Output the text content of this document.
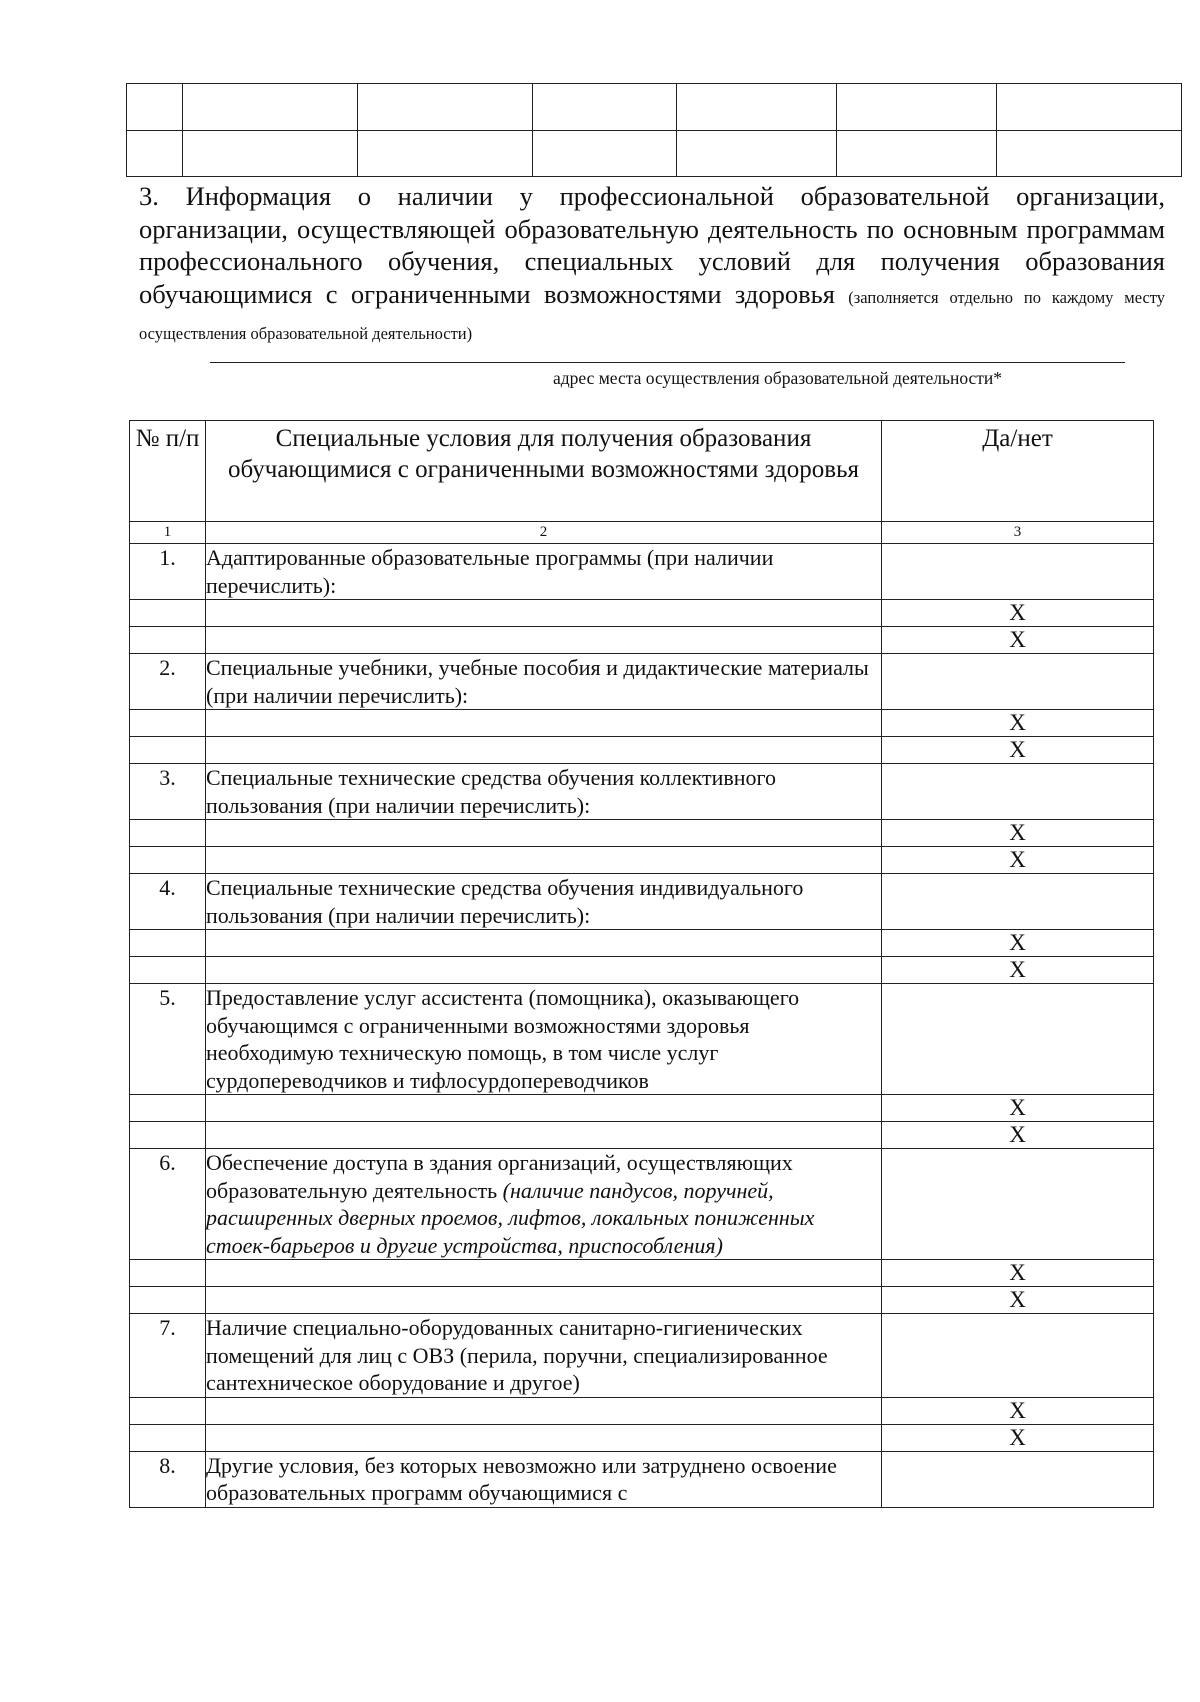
3. Информация о наличии у профессиональной образовательной организации, организации, осуществляющей образовательную деятельность по основным программам профессионального обучения, специальных условий для получения образования обучающимися с ограниченными возможностями здоровья (заполняется отдельно по каждому месту осуществления образовательной деятельности)

адрес места осуществления образовательной деятельности*
№ п/п	Специальные условия для получения образования обучающимися с ограниченными возможностями здоровья	Да/нет
1	2	3
1.	Адаптированные образовательные программы (при наличии перечислить):	
		X
		X
2.	Специальные учебники, учебные пособия и дидактические материалы (при наличии перечислить):	
		X
		X
3.	Специальные технические средства обучения коллективного пользования (при наличии перечислить):	
		X
		X
4.	Специальные технические средства обучения индивидуального пользования (при наличии перечислить):	
		X
		X
5.	Предоставление услуг ассистента (помощника), оказывающего обучающимся с ограниченными возможностями здоровья необходимую техническую помощь, в том числе услуг сурдопереводчиков и тифлосурдопереводчиков	
		X
		X
6.	Обеспечение доступа в здания организаций, осуществляющих образовательную деятельность (наличие пандусов, поручней, расширенных дверных проемов, лифтов, локальных пониженных стоек-барьеров и другие устройства, приспособления)	
		X
		X
7.	Наличие специально-оборудованных санитарно-гигиенических помещений для лиц с ОВЗ (перила, поручни, специализированное сантехническое оборудование и другое)	
		X
		X
8.	Другие условия, без которых невозможно или затруднено освоение образовательных программ обучающимися с	
